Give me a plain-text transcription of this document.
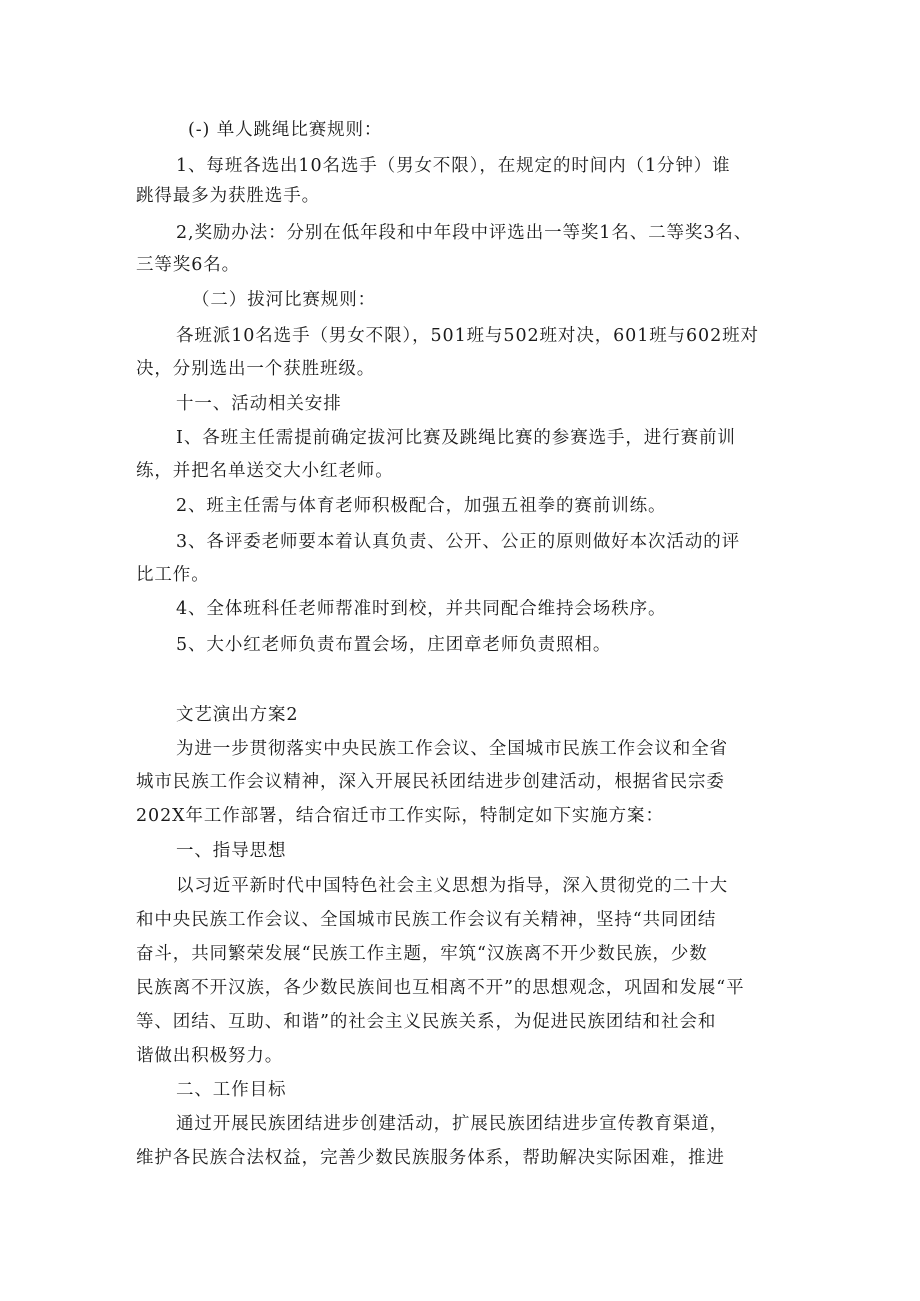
(-) 单人跳绳比赛规则：
1、每班各选出10名选手（男女不限），在规定的时间内（1分钟）谁
跳得最多为获胜选手。
2,奖励办法：分别在低年段和中年段中评选出一等奖1名、二等奖3名、
三等奖6名。
（二）拔河比赛规则：
各班派10名选手（男女不限），501班与502班对决，601班与602班对
决，分别选出一个获胜班级。
十一、活动相关安排
I、各班主任需提前确定拔河比赛及跳绳比赛的参赛选手，进行赛前训
练，并把名单送交大小红老师。
2、班主任需与体育老师积极配合，加强五祖拳的赛前训练。
3、各评委老师要本着认真负责、公开、公正的原则做好本次活动的评
比工作。
4、全体班科任老师帮准时到校，并共同配合维持会场秩序。
5、大小红老师负责布置会场，庄团章老师负责照相。
文艺演出方案2
为进一步贯彻落实中央民族工作会议、全国城市民族工作会议和全省
城市民族工作会议精神，深入开展民袄团结进步创建活动，根据省民宗委
202X年工作部署，结合宿迁市工作实际，特制定如下实施方案：
一、指导思想
以习近平新时代中国特色社会主义思想为指导，深入贯彻党的二十大
和中央民族工作会议、全国城市民族工作会议有关精神，坚持“共同团结
奋斗，共同繁荣发展“民族工作主题，牢筑“汉族离不开少数民族，少数
民族离不开汉族，各少数民族间也互相离不开”的思想观念，巩固和发展“平
等、团结、互助、和谐”的社会主义民族关系，为促进民族团结和社会和
谐做出积极努力。
二、工作目标
通过开展民族团结进步创建活动，扩展民族团结进步宣传教育渠道，
维护各民族合法权益，完善少数民族服务体系，帮助解决实际困难，推进
